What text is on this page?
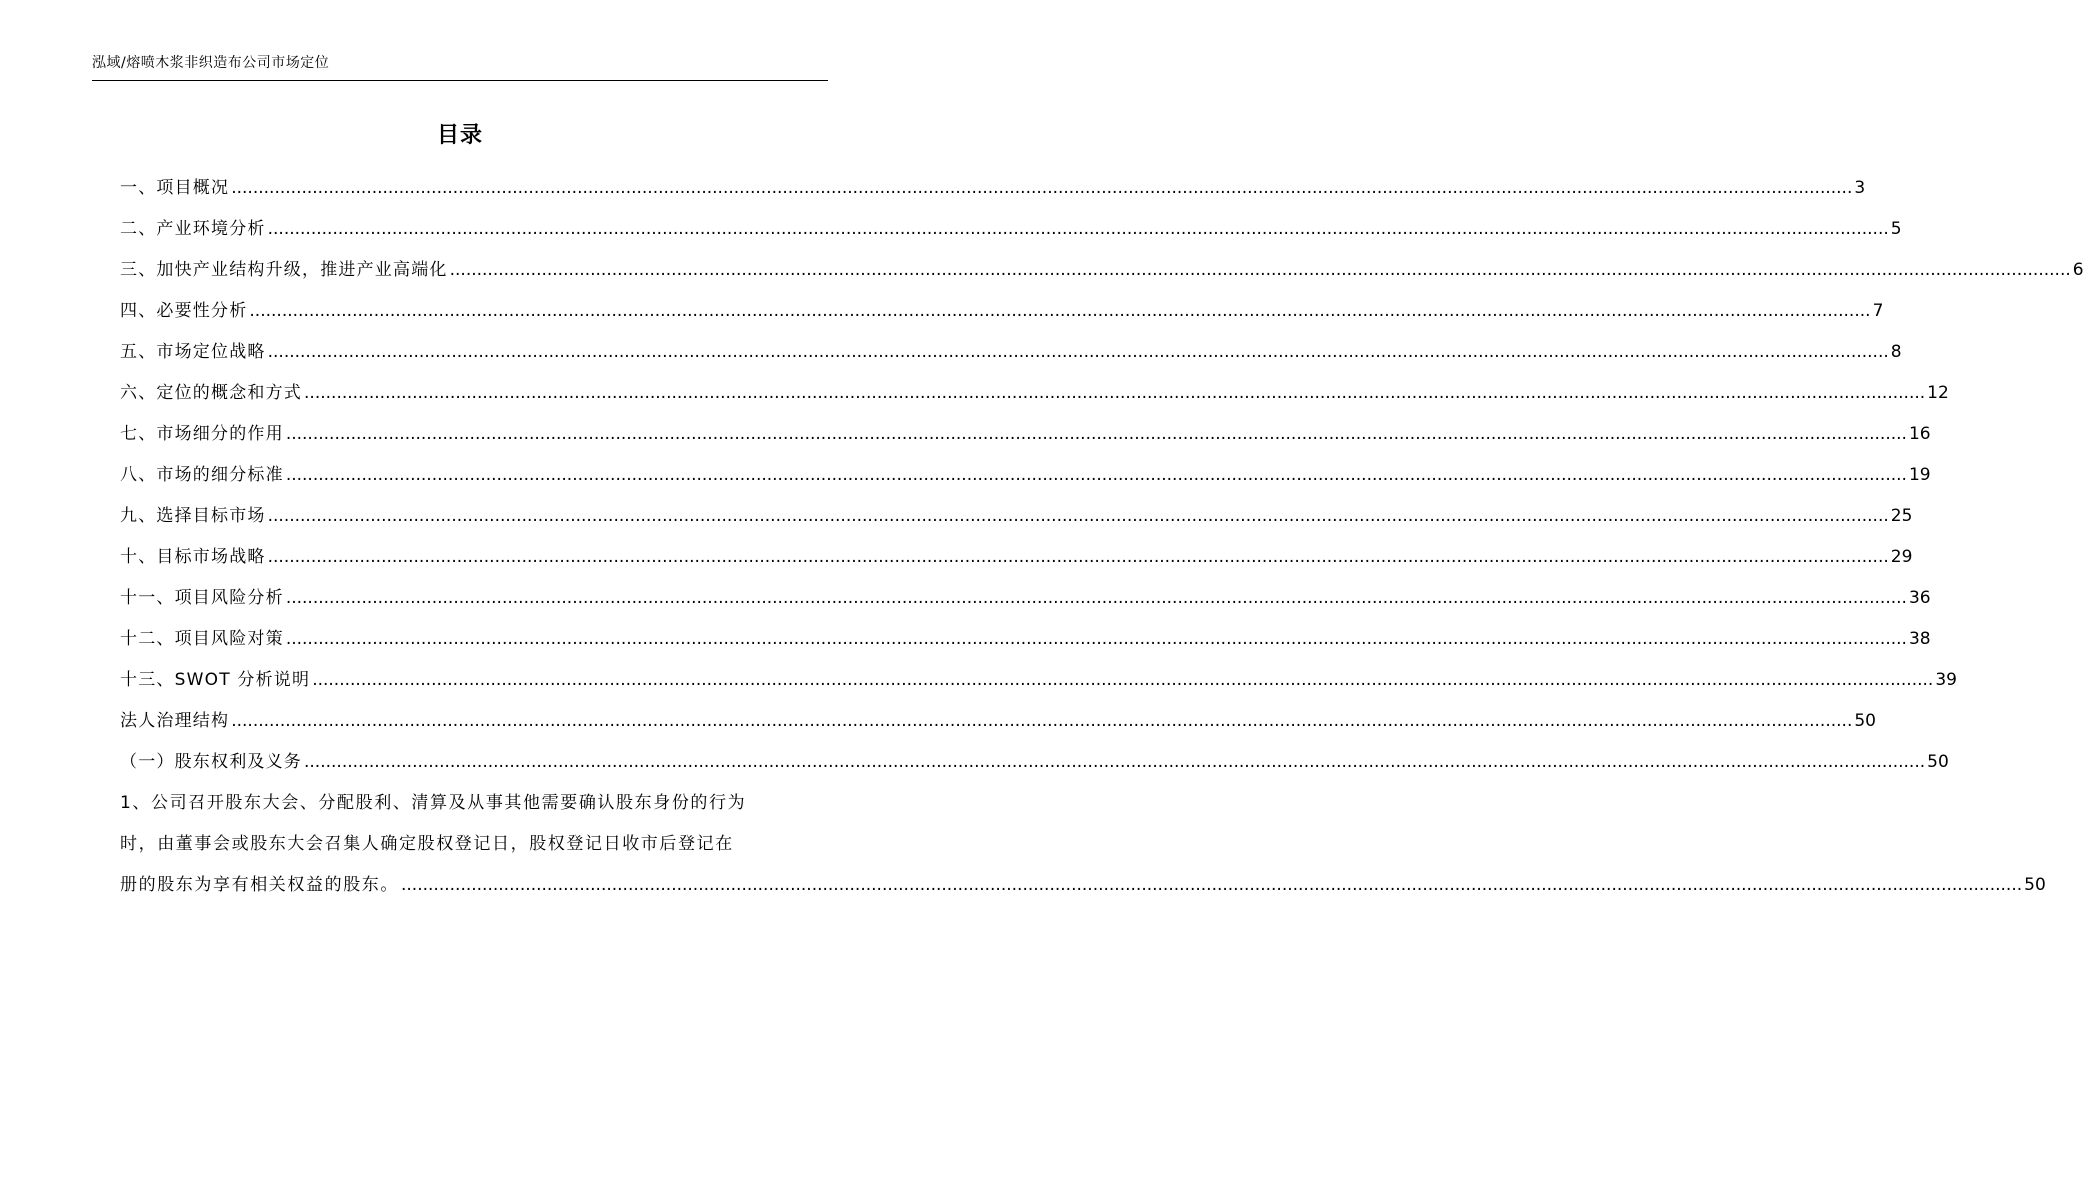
泓域/熔喷木浆非织造布公司市场定位
目录
一、 项目概况 ............................................................................................................................................................................................................................................................................................................ 3
二、 产业环境分析 ............................................................................................................................................................................................................................................................................................................ 5
三、 加快产业结构升级，推进产业高端化 ............................................................................................................................................................................................................................................................................................................ 6
四、 必要性分析 ............................................................................................................................................................................................................................................................................................................ 7
五、 市场定位战略 ............................................................................................................................................................................................................................................................................................................ 8
六、 定位的概念和方式 ............................................................................................................................................................................................................................................................................................................ 12
七、 市场细分的作用 ............................................................................................................................................................................................................................................................................................................ 16
八、 市场的细分标准 ............................................................................................................................................................................................................................................................................................................ 19
九、 选择目标市场 ............................................................................................................................................................................................................................................................................................................ 25
十、 目标市场战略 ............................................................................................................................................................................................................................................................................................................ 29
十一、 项目风险分析 ............................................................................................................................................................................................................................................................................................................ 36
十二、 项目风险对策 ............................................................................................................................................................................................................................................................................................................ 38
十三、 SWOT 分析说明 ............................................................................................................................................................................................................................................................................................................ 39
法人治理结构 ............................................................................................................................................................................................................................................................................................................ 50
（一）股东权利及义务 ............................................................................................................................................................................................................................................................................................................ 50
1、公司召开股东大会、分配股利、清算及从事其他需要确认股东身份的行为
时，由董事会或股东大会召集人确定股权登记日，股权登记日收市后登记在
册的股东为享有相关权益的股东。 ............................................................................................................................................................................................................................................................................................................ 50
